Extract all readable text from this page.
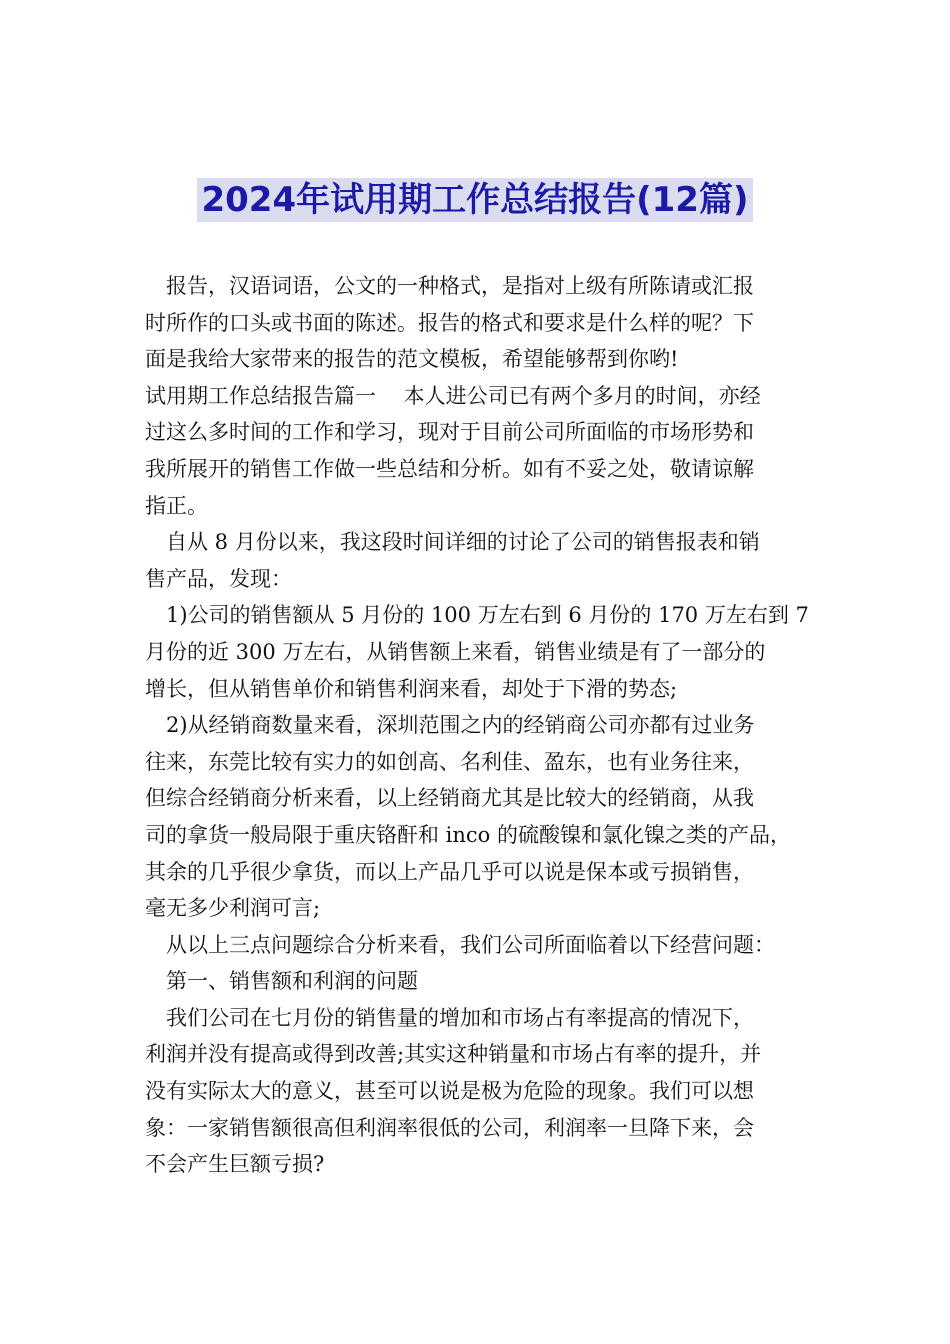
2024年试用期工作总结报告(12篇)

　报告，汉语词语，公文的一种格式，是指对上级有所陈请或汇报
时所作的口头或书面的陈述。报告的格式和要求是什么样的呢？下
面是我给大家带来的报告的范文模板，希望能够帮到你哟!

试用期工作总结报告篇一　 本人进公司已有两个多月的时间，亦经
过这么多时间的工作和学习，现对于目前公司所面临的市场形势和
我所展开的销售工作做一些总结和分析。如有不妥之处，敬请谅解
指正。

　自从 8 月份以来，我这段时间详细的讨论了公司的销售报表和销
售产品，发现：

　1)公司的销售额从 5 月份的 100 万左右到 6 月份的 170 万左右到 7
月份的近 300 万左右，从销售额上来看，销售业绩是有了一部分的
增长，但从销售单价和销售利润来看，却处于下滑的势态;

　2)从经销商数量来看，深圳范围之内的经销商公司亦都有过业务
往来，东莞比较有实力的如创高、名利佳、盈东，也有业务往来，
但综合经销商分析来看，以上经销商尤其是比较大的经销商，从我
司的拿货一般局限于重庆铬酐和 inco 的硫酸镍和氯化镍之类的产品，
其余的几乎很少拿货，而以上产品几乎可以说是保本或亏损销售，
毫无多少利润可言;

　从以上三点问题综合分析来看，我们公司所面临着以下经营问题：

　第一、销售额和利润的问题

　我们公司在七月份的销售量的增加和市场占有率提高的情况下，
利润并没有提高或得到改善;其实这种销量和市场占有率的提升，并
没有实际太大的意义，甚至可以说是极为危险的现象。我们可以想
象：一家销售额很高但利润率很低的公司，利润率一旦降下来，会
不会产生巨额亏损?
